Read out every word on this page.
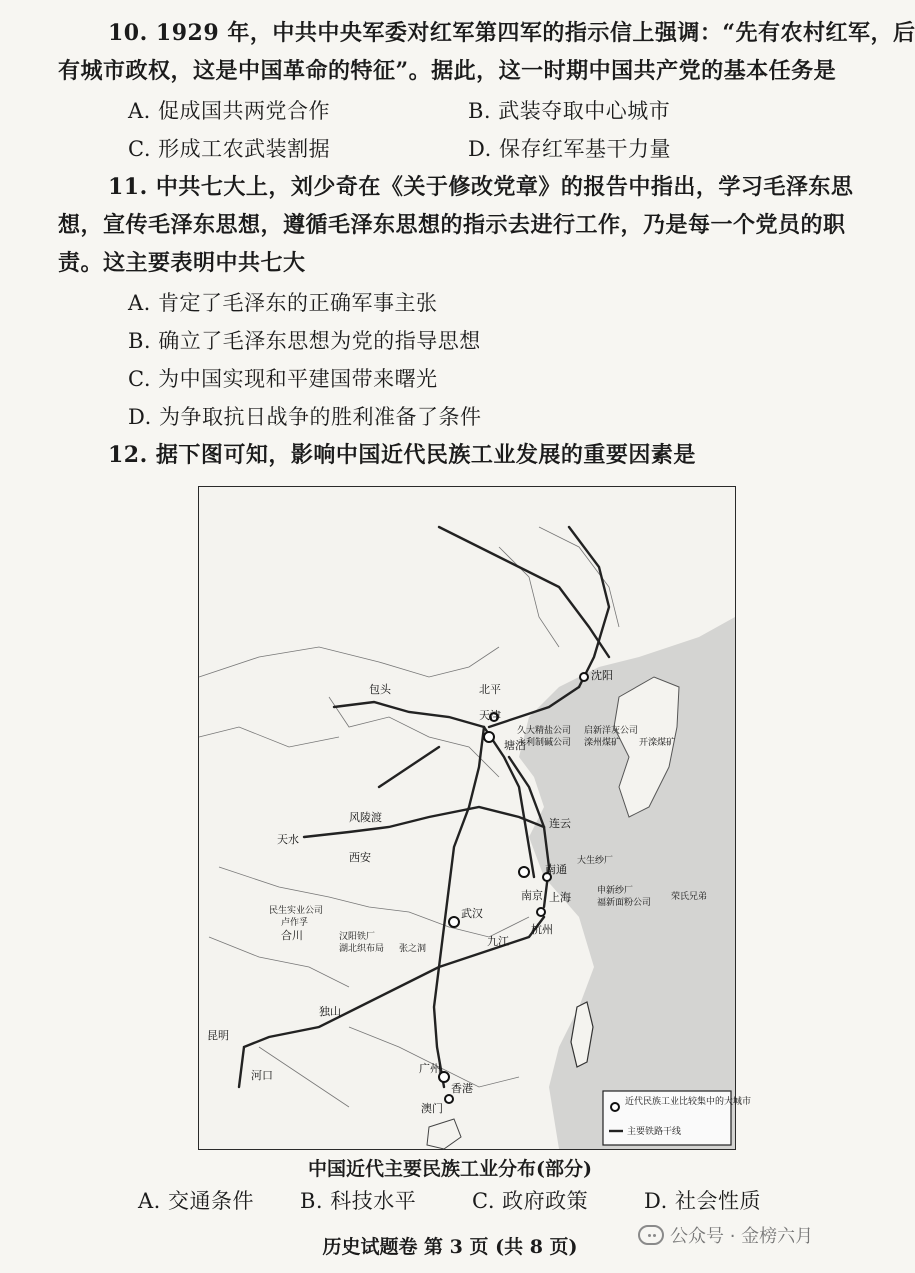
10. 1929 年，中共中央军委对红军第四军的指示信上强调：“先有农村红军，后
有城市政权，这是中国革命的特征”。据此，这一时期中国共产党的基本任务是
A. 促成国共两党合作	B. 武装夺取中心城市
C. 形成工农武装割据	D. 保存红军基干力量
11. 中共七大上，刘少奇在《关于修改党章》的报告中指出，学习毛泽东思
想，宣传毛泽东思想，遵循毛泽东思想的指示去进行工作，乃是每一个党员的职
责。这主要表明中共七大
A. 肯定了毛泽东的正确军事主张
B. 确立了毛泽东思想为党的指导思想
C. 为中国实现和平建国带来曙光
D. 为争取抗日战争的胜利准备了条件
12. 据下图可知，影响中国近代民族工业发展的重要因素是
沈阳
包头	北平
天津
塘沽
风陵渡
天水
西安
连云
南通
南京 上海
杭州
武汉
合川	九江
独山
昆明
河口
广州
香港
澳门
久大精盐公司
永利制碱公司
启新洋灰公司
滦州煤矿 开滦煤矿
大生纱厂
申新纱厂
福新面粉公司
荣氏兄弟
民生实业公司
卢作孚
汉阳铁厂
湖北织布局 张之洞
近代民族工业比较集中的大城市
主要铁路干线
中国近代主要民族工业分布(部分)
A. 交通条件 B. 科技水平	C. 政府政策	D. 社会性质
历史试题卷 第 3 页 (共 8 页)	公众号 · 金榜六月
